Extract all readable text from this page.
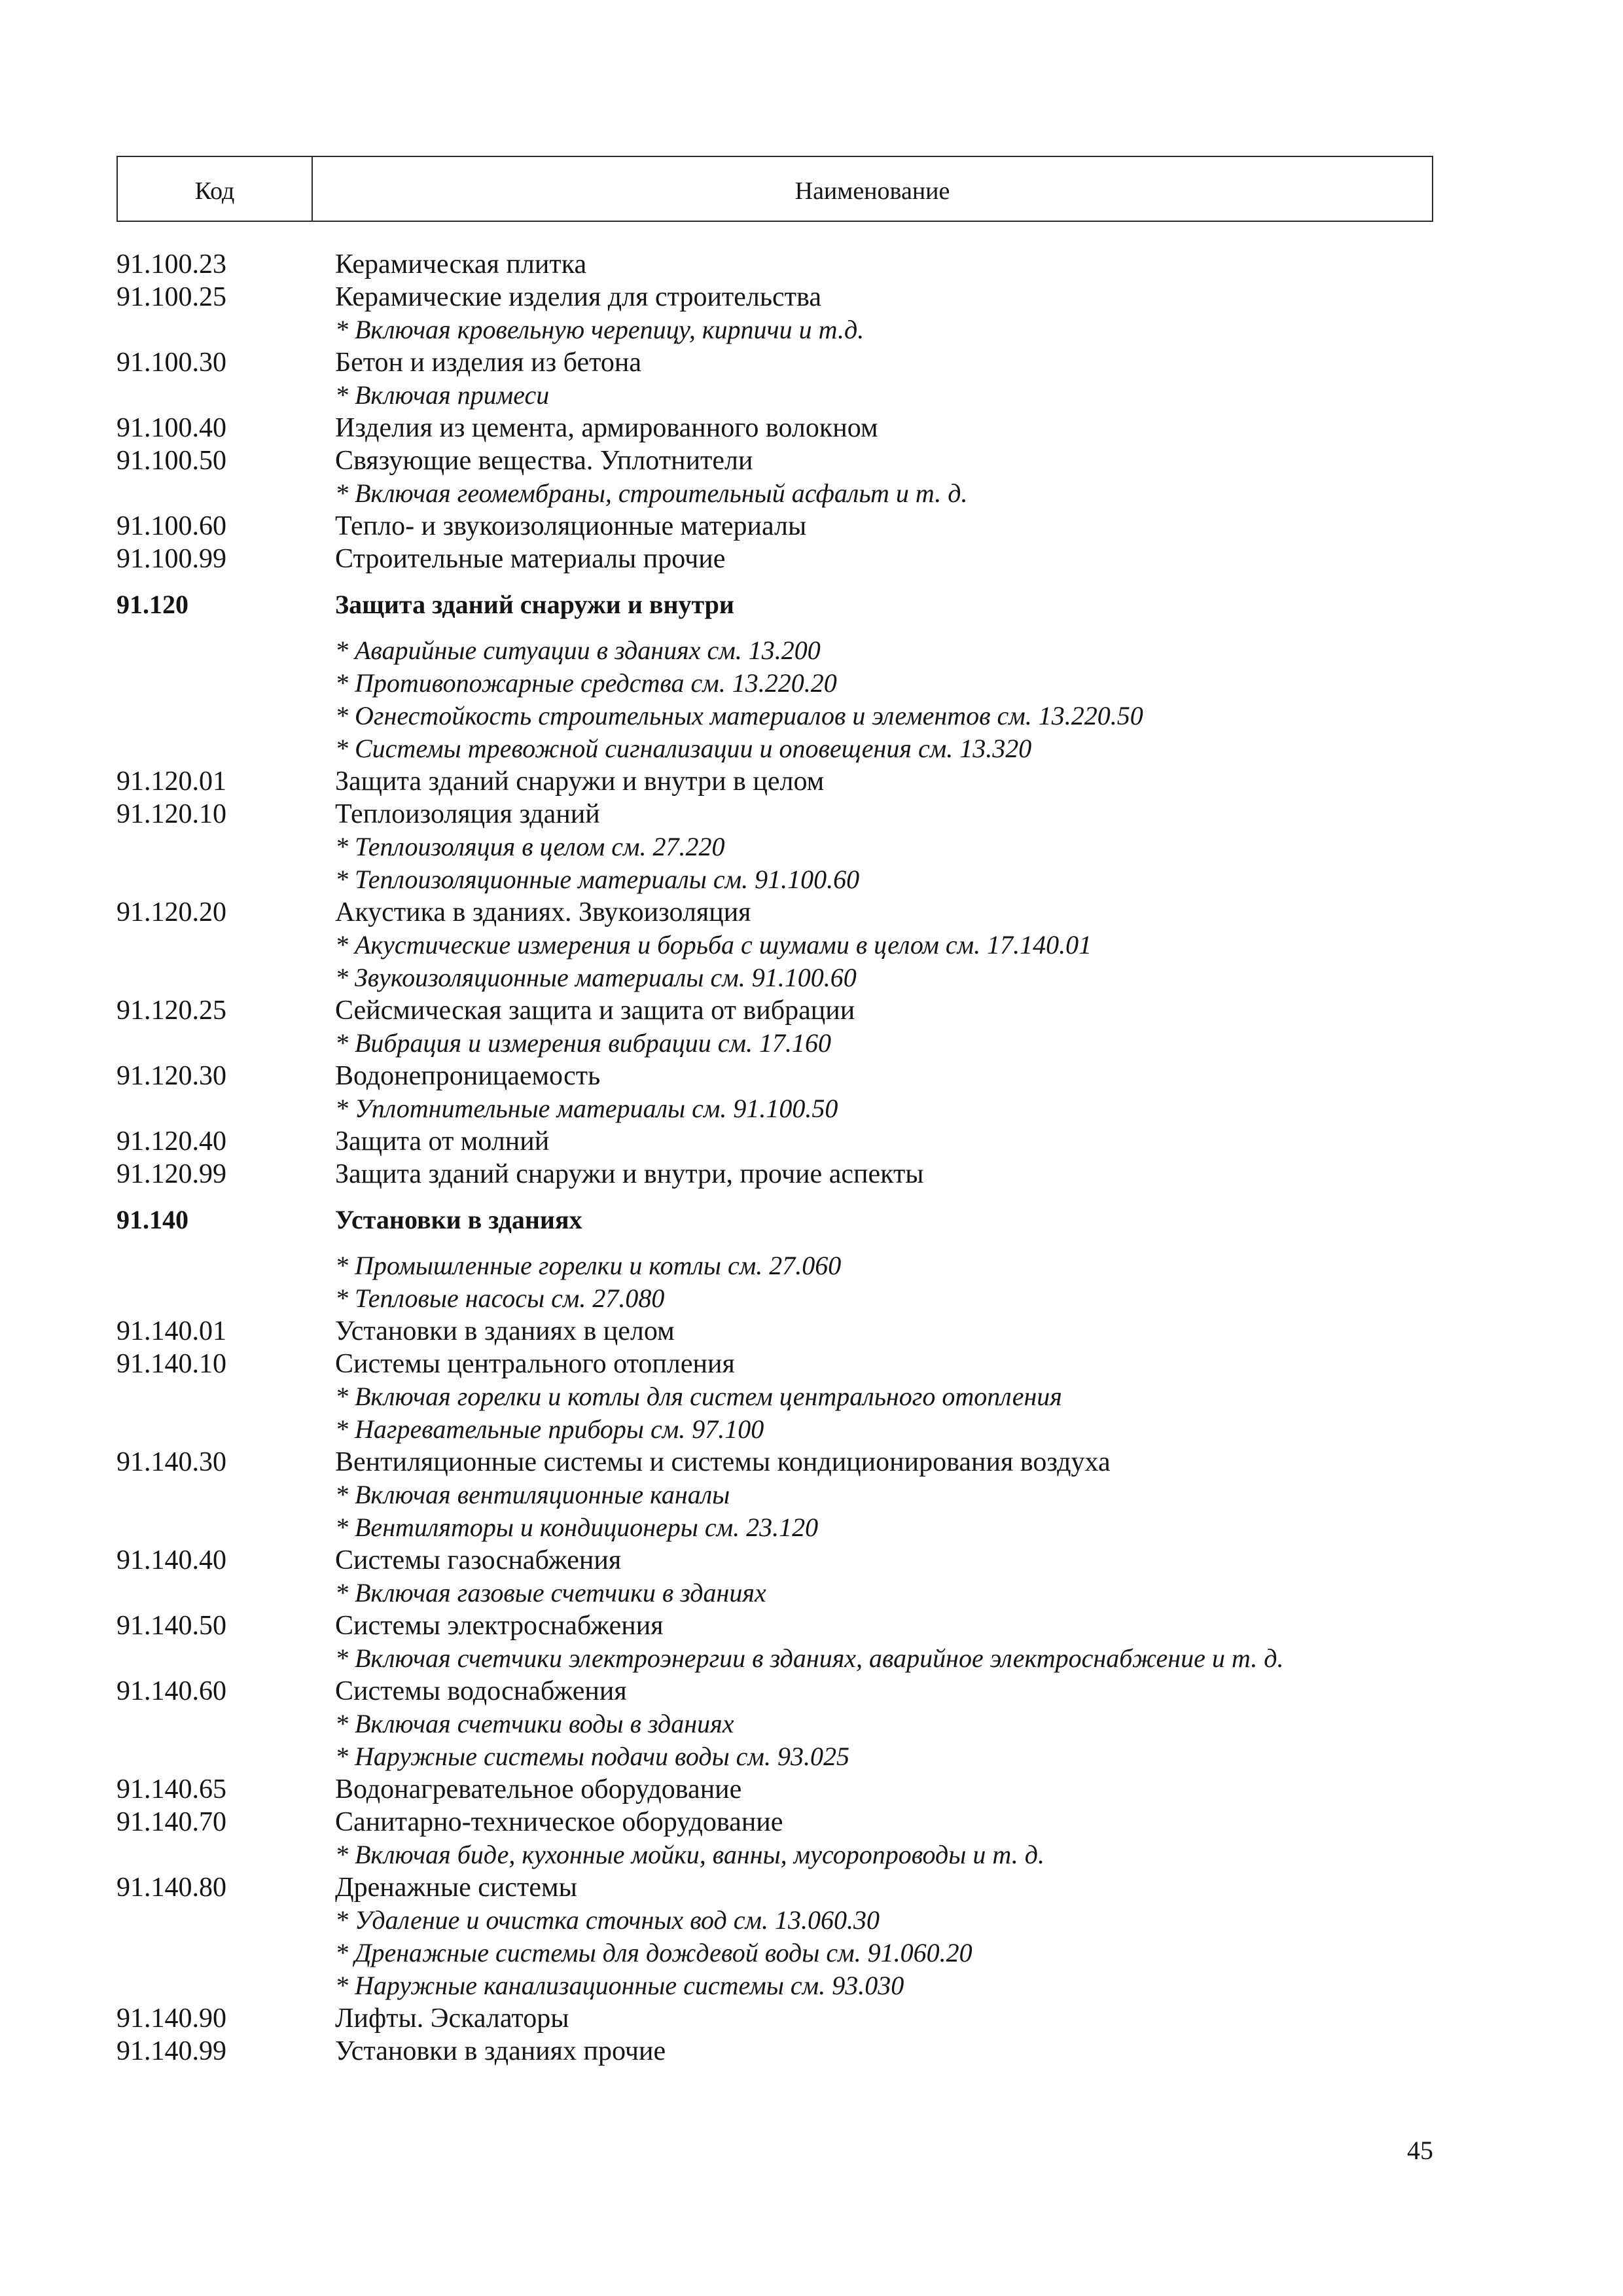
Код	Наименование
91.100.23	Керамическая плитка
91.100.25	Керамические изделия для строительства
* Включая кровельную черепицу, кирпичи и т.д.
91.100.30	Бетон и изделия из бетона
* Включая примеси
91.100.40	Изделия из цемента, армированного волокном
91.100.50	Связующие вещества. Уплотнители
* Включая геомембраны, строительный асфальт и т. д.
91.100.60	Тепло- и звукоизоляционные материалы
91.100.99	Строительные материалы прочие
91.120	Защита зданий снаружи и внутри
* Аварийные ситуации в зданиях см. 13.200
* Противопожарные средства см. 13.220.20
* Огнестойкость строительных материалов и элементов см. 13.220.50
* Системы тревожной сигнализации и оповещения см. 13.320
91.120.01	Защита зданий снаружи и внутри в целом
91.120.10	Теплоизоляция зданий
* Теплоизоляция в целом см. 27.220
* Теплоизоляционные материалы см. 91.100.60
91.120.20	Акустика в зданиях. Звукоизоляция
* Акустические измерения и борьба с шумами в целом см. 17.140.01
* Звукоизоляционные материалы см. 91.100.60
91.120.25	Сейсмическая защита и защита от вибрации
* Вибрация и измерения вибрации см. 17.160
91.120.30	Водонепроницаемость
* Уплотнительные материалы см. 91.100.50
91.120.40	Защита от молний
91.120.99	Защита зданий снаружи и внутри, прочие аспекты
91.140	Установки в зданиях
* Промышленные горелки и котлы см. 27.060
* Тепловые насосы см. 27.080
91.140.01	Установки в зданиях в целом
91.140.10	Системы центрального отопления
* Включая горелки и котлы для систем центрального отопления
* Нагревательные приборы см. 97.100
91.140.30	Вентиляционные системы и системы кондиционирования воздуха
* Включая вентиляционные каналы
* Вентиляторы и кондиционеры см. 23.120
91.140.40	Системы газоснабжения
* Включая газовые счетчики в зданиях
91.140.50	Системы электроснабжения
* Включая счетчики электроэнергии в зданиях, аварийное электроснабжение и т. д.
91.140.60	Системы водоснабжения
* Включая счетчики воды в зданиях
* Наружные системы подачи воды см. 93.025
91.140.65	Водонагревательное оборудование
91.140.70	Санитарно-техническое оборудование
* Включая биде, кухонные мойки, ванны, мусоропроводы и т. д.
91.140.80	Дренажные системы
* Удаление и очистка сточных вод см. 13.060.30
* Дренажные системы для дождевой воды см. 91.060.20
* Наружные канализационные системы см. 93.030
91.140.90	Лифты. Эскалаторы
91.140.99	Установки в зданиях прочие
45
